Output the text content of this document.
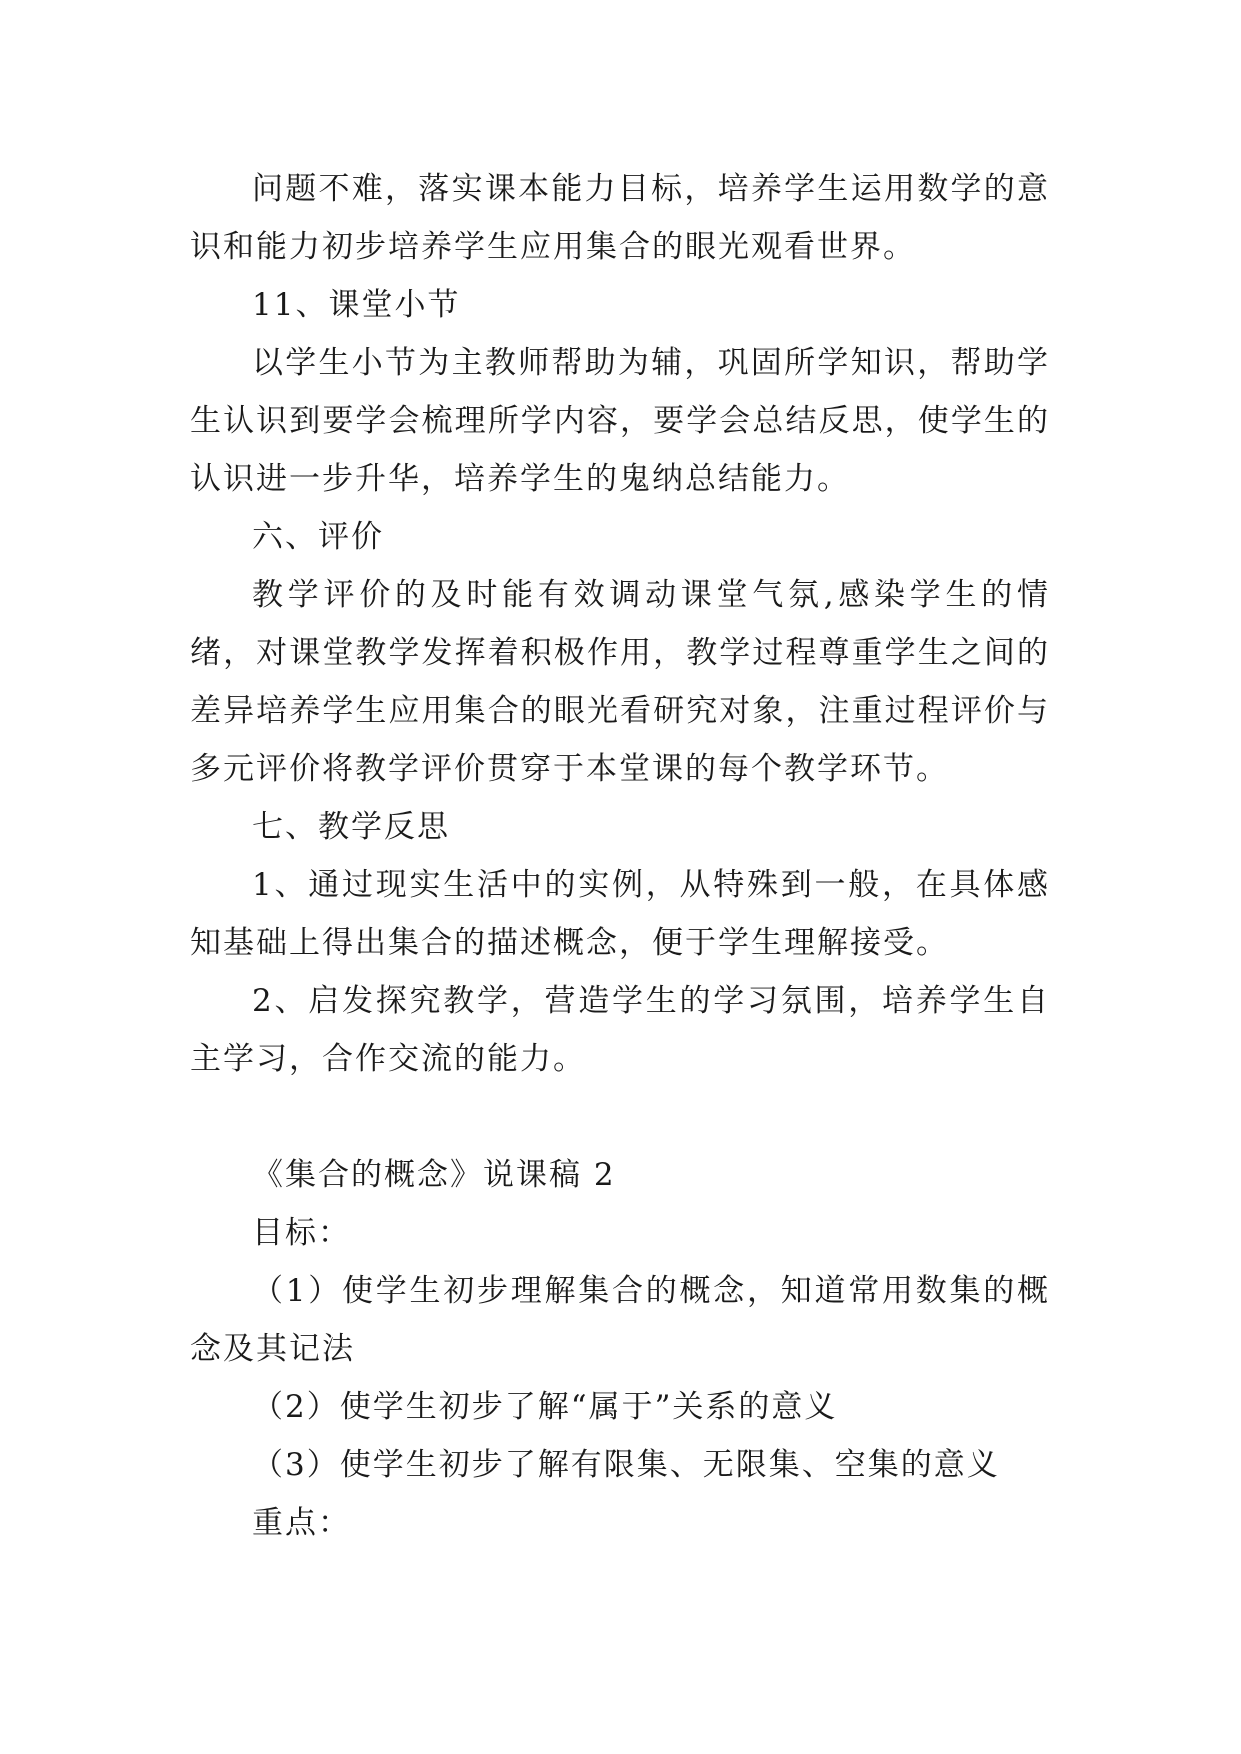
问题不难，落实课本能力目标，培养学生运用数学的意识和能力初步培养学生应用集合的眼光观看世界。

11、课堂小节

以学生小节为主教师帮助为辅，巩固所学知识，帮助学生认识到要学会梳理所学内容，要学会总结反思，使学生的认识进一步升华，培养学生的鬼纳总结能力。

六、评价

教学评价的及时能有效调动课堂气氛,感染学生的情绪，对课堂教学发挥着积极作用，教学过程尊重学生之间的差异培养学生应用集合的眼光看研究对象，注重过程评价与多元评价将教学评价贯穿于本堂课的每个教学环节。

七、教学反思

1、通过现实生活中的实例，从特殊到一般，在具体感知基础上得出集合的描述概念，便于学生理解接受。

2、启发探究教学，营造学生的学习氛围，培养学生自主学习，合作交流的能力。

《集合的概念》说课稿 2

目标：

（1）使学生初步理解集合的概念，知道常用数集的概念及其记法

（2）使学生初步了解“属于”关系的意义

（3）使学生初步了解有限集、无限集、空集的意义

重点：
